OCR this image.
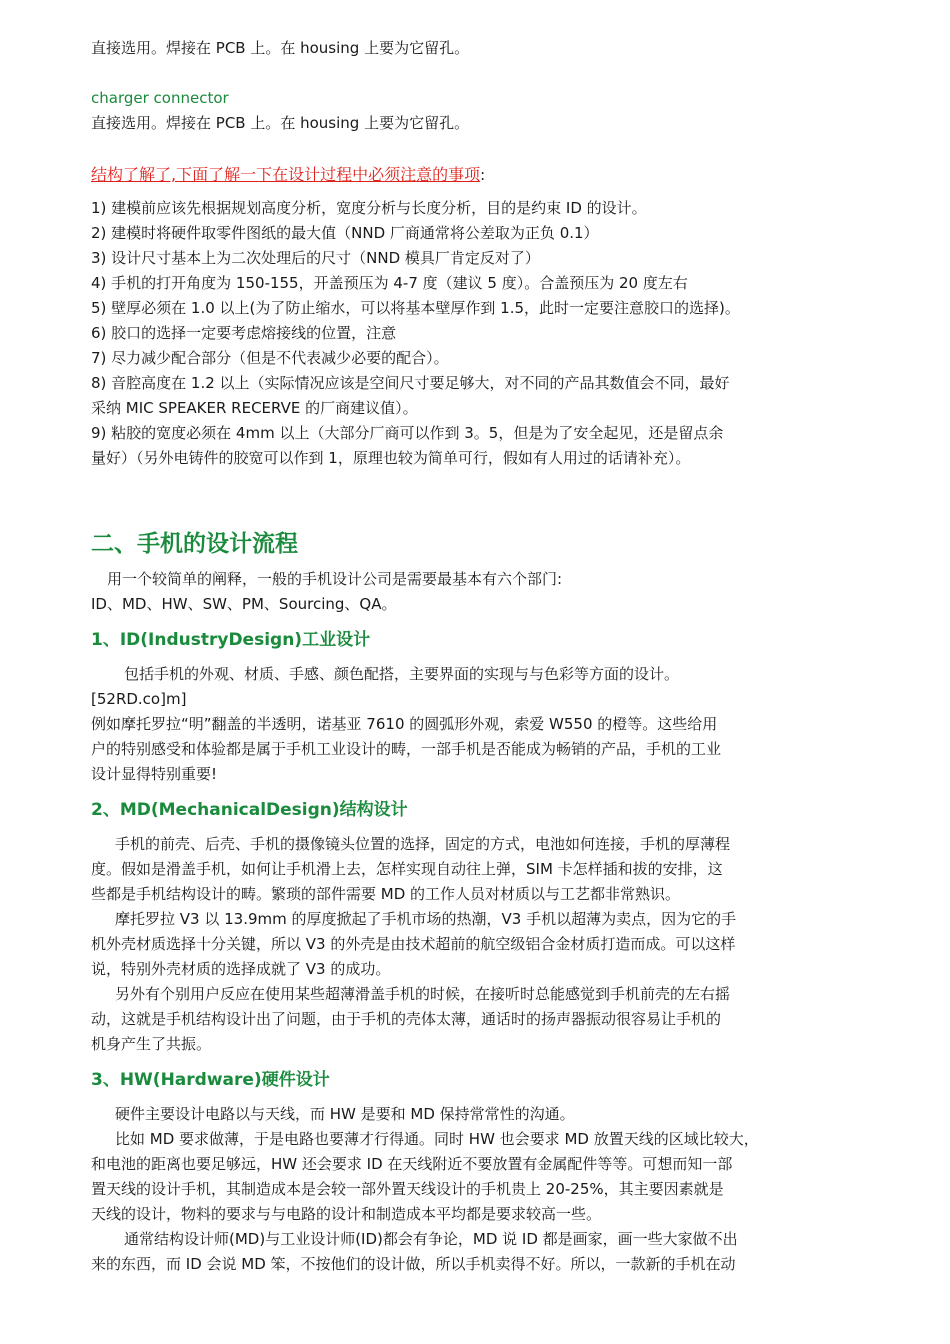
直接选用。焊接在 PCB 上。在 housing 上要为它留孔。

charger connector

直接选用。焊接在 PCB 上。在 housing 上要为它留孔。

结构了解了,下面了解一下在设计过程中必须注意的事项:

1) 建模前应该先根据规划高度分析，宽度分析与长度分析，目的是约束 ID 的设计。

2) 建模时将硬件取零件图纸的最大值（NND 厂商通常将公差取为正负 0.1）

3) 设计尺寸基本上为二次处理后的尺寸（NND 模具厂肯定反对了）

4) 手机的打开角度为 150-155，开盖预压为 4-7 度（建议 5 度）。合盖预压为 20 度左右

5) 壁厚必须在 1.0 以上(为了防止缩水，可以将基本壁厚作到 1.5，此时一定要注意胶口的选择)。

6) 胶口的选择一定要考虑熔接线的位置，注意

7) 尽力减少配合部分（但是不代表减少必要的配合）。

8) 音腔高度在 1.2 以上（实际情况应该是空间尺寸要足够大，对不同的产品其数值会不同，最好

采纳 MIC SPEAKER RECERVE 的厂商建议值）。

9) 粘胶的宽度必须在 4mm 以上（大部分厂商可以作到 3。5，但是为了安全起见，还是留点余

量好）（另外电铸件的胶宽可以作到 1，原理也较为简单可行，假如有人用过的话请补充）。

二、手机的设计流程

用一个较简单的阐释，一般的手机设计公司是需要最基本有六个部门:

ID、MD、HW、SW、PM、Sourcing、QA。

1、ID(IndustryDesign)工业设计

包括手机的外观、材质、手感、颜色配搭，主要界面的实现与与色彩等方面的设计。

[52RD.co]m]

例如摩托罗拉“明”翻盖的半透明，诺基亚 7610 的圆弧形外观，索爱 W550 的橙等。这些给用

户的特别感受和体验都是属于手机工业设计的畴，一部手机是否能成为畅销的产品，手机的工业

设计显得特别重要!

2、MD(MechanicalDesign)结构设计

手机的前壳、后壳、手机的摄像镜头位置的选择，固定的方式，电池如何连接，手机的厚薄程

度。假如是滑盖手机，如何让手机滑上去，怎样实现自动往上弹，SIM 卡怎样插和拔的安排，这

些都是手机结构设计的畴。繁琐的部件需要 MD 的工作人员对材质以与工艺都非常熟识。

摩托罗拉 V3 以 13.9mm 的厚度掀起了手机市场的热潮，V3 手机以超薄为卖点，因为它的手

机外壳材质选择十分关键，所以 V3 的外壳是由技术超前的航空级铝合金材质打造而成。可以这样

说，特别外壳材质的选择成就了 V3 的成功。

另外有个别用户反应在使用某些超薄滑盖手机的时候，在接听时总能感觉到手机前壳的左右摇

动，这就是手机结构设计出了问题，由于手机的壳体太薄，通话时的扬声器振动很容易让手机的

机身产生了共振。

3、HW(Hardware)硬件设计

硬件主要设计电路以与天线，而 HW 是要和 MD 保持常常性的沟通。

比如 MD 要求做薄，于是电路也要薄才行得通。同时 HW 也会要求 MD 放置天线的区域比较大，

和电池的距离也要足够远，HW 还会要求 ID 在天线附近不要放置有金属配件等等。可想而知一部

置天线的设计手机，其制造成本是会较一部外置天线设计的手机贵上 20-25%，其主要因素就是

天线的设计，物料的要求与与电路的设计和制造成本平均都是要求较高一些。

通常结构设计师(MD)与工业设计师(ID)都会有争论，MD 说 ID 都是画家，画一些大家做不出

来的东西，而 ID 会说 MD 笨，不按他们的设计做，所以手机卖得不好。所以，一款新的手机在动
